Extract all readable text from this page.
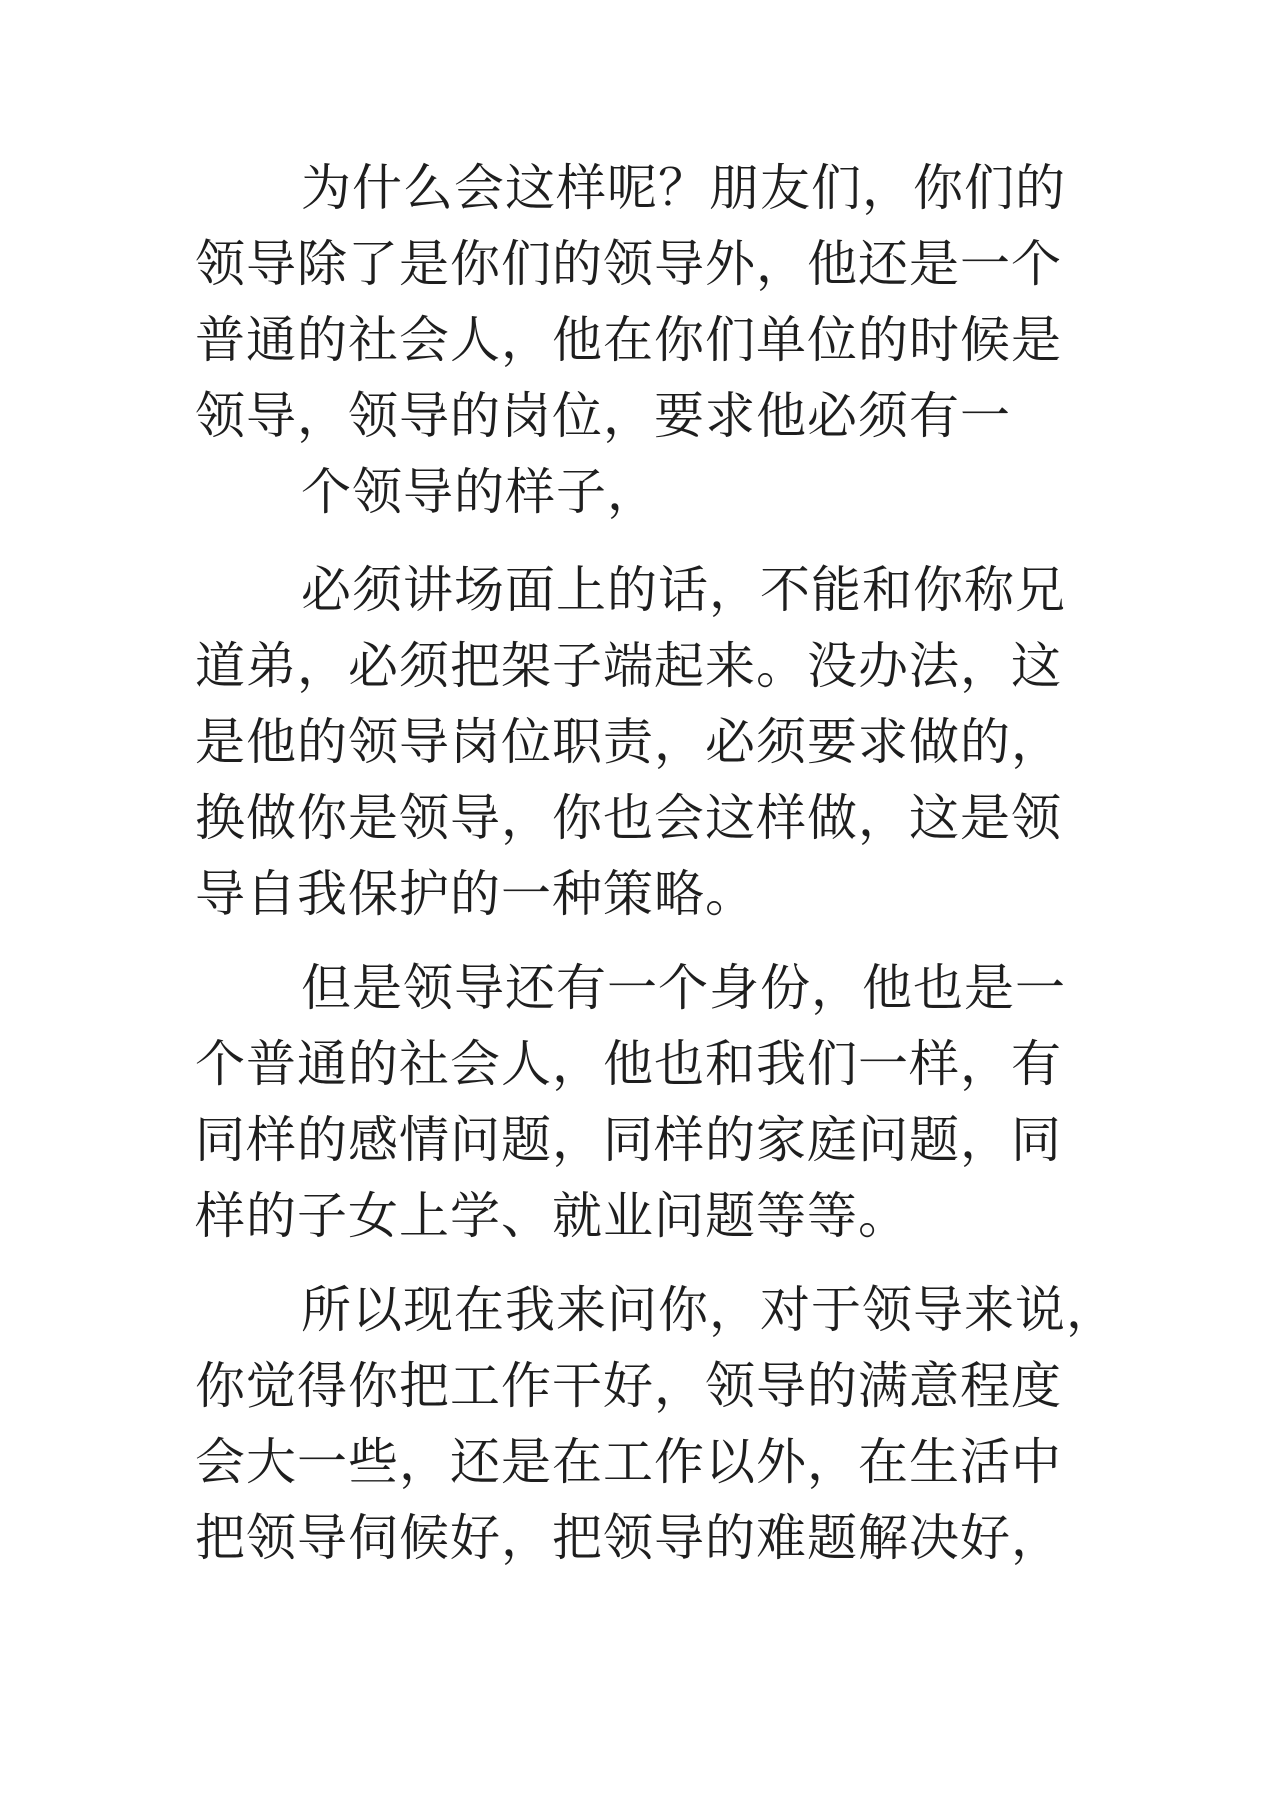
为什么会这样呢？朋友们，你们的
领导除了是你们的领导外，他还是一个
普通的社会人，他在你们单位的时候是
领导，领导的岗位，要求他必须有一
个领导的样子，
必须讲场面上的话，不能和你称兄
道弟，必须把架子端起来。没办法，这
是他的领导岗位职责，必须要求做的，
换做你是领导，你也会这样做，这是领
导自我保护的一种策略。
但是领导还有一个身份，他也是一
个普通的社会人，他也和我们一样，有
同样的感情问题，同样的家庭问题，同
样的子女上学、就业问题等等。
所以现在我来问你，对于领导来说，
你觉得你把工作干好，领导的满意程度
会大一些，还是在工作以外，在生活中
把领导伺候好，把领导的难题解决好，
